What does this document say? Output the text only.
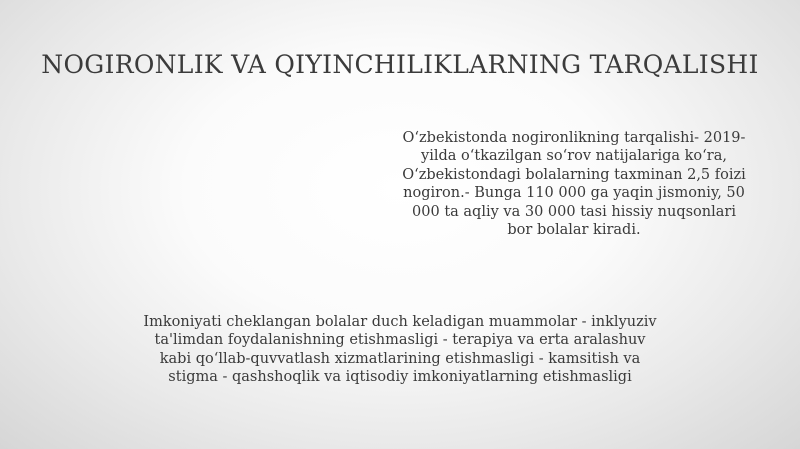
NOGIRONLIK VA QIYINCHILIKLARNING TARQALISHI

O‘zbekistonda nogironlikning tarqalishi- 2019-yilda o‘tkazilgan so‘rov natijalariga ko‘ra, O‘zbekistondagi bolalarning taxminan 2,5 foizi nogiron.- Bunga 110 000 ga yaqin jismoniy, 50 000 ta aqliy va 30 000 tasi hissiy nuqsonlari bor bolalar kiradi.

Imkoniyati cheklangan bolalar duch keladigan muammolar - inklyuziv ta'limdan foydalanishning etishmasligi - terapiya va erta aralashuv kabi qo‘llab-quvvatlash xizmatlarining etishmasligi - kamsitish va stigma - qashshoqlik va iqtisodiy imkoniyatlarning etishmasligi
